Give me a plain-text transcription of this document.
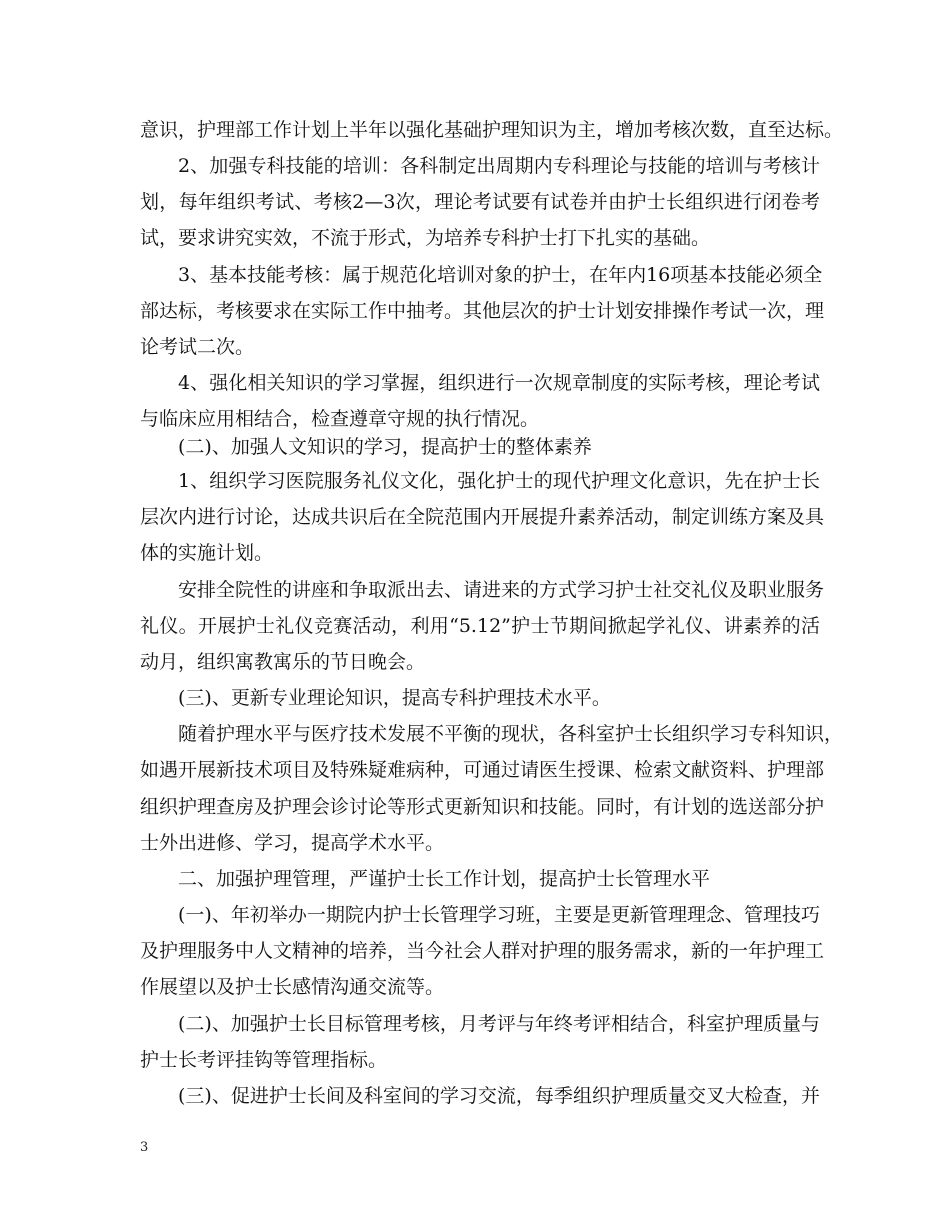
意识，护理部工作计划上半年以强化基础护理知识为主，增加考核次数，直至达标。
2、加强专科技能的培训：各科制定出周期内专科理论与技能的培训与考核计
划，每年组织考试、考核2—3次，理论考试要有试卷并由护士长组织进行闭卷考
试，要求讲究实效，不流于形式，为培养专科护士打下扎实的基础。
3、基本技能考核：属于规范化培训对象的护士，在年内16项基本技能必须全
部达标，考核要求在实际工作中抽考。其他层次的护士计划安排操作考试一次，理
论考试二次。
4、强化相关知识的学习掌握，组织进行一次规章制度的实际考核，理论考试
与临床应用相结合，检查遵章守规的执行情况。
(二)、加强人文知识的学习，提高护士的整体素养
1、组织学习医院服务礼仪文化，强化护士的现代护理文化意识，先在护士长
层次内进行讨论，达成共识后在全院范围内开展提升素养活动，制定训练方案及具
体的实施计划。
安排全院性的讲座和争取派出去、请进来的方式学习护士社交礼仪及职业服务
礼仪。开展护士礼仪竞赛活动，利用“5.12”护士节期间掀起学礼仪、讲素养的活
动月，组织寓教寓乐的节日晚会。
(三)、更新专业理论知识，提高专科护理技术水平。
随着护理水平与医疗技术发展不平衡的现状，各科室护士长组织学习专科知识，
如遇开展新技术项目及特殊疑难病种，可通过请医生授课、检索文献资料、护理部
组织护理查房及护理会诊讨论等形式更新知识和技能。同时，有计划的选送部分护
士外出进修、学习，提高学术水平。
二、加强护理管理，严谨护士长工作计划，提高护士长管理水平
(一)、年初举办一期院内护士长管理学习班，主要是更新管理理念、管理技巧
及护理服务中人文精神的培养，当今社会人群对护理的服务需求，新的一年护理工
作展望以及护士长感情沟通交流等。
(二)、加强护士长目标管理考核，月考评与年终考评相结合，科室护理质量与
护士长考评挂钩等管理指标。
(三)、促进护士长间及科室间的学习交流，每季组织护理质量交叉大检查，并
3
